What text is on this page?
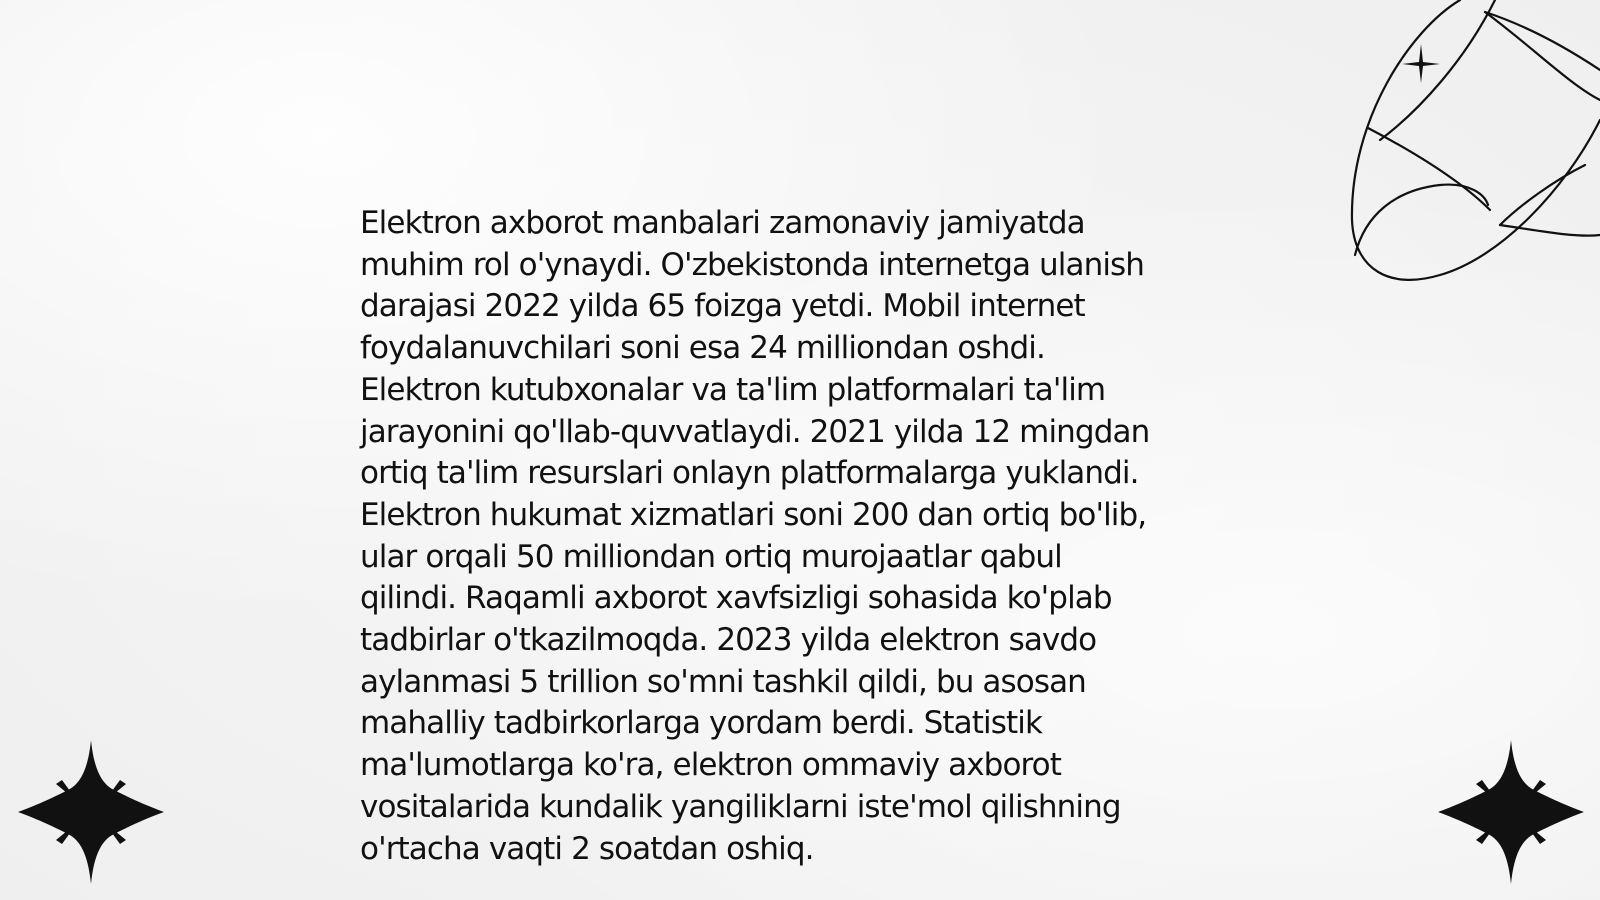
Elektron axborot manbalari zamonaviy jamiyatda
muhim rol o'ynaydi. O'zbekistonda internetga ulanish
darajasi 2022 yilda 65 foizga yetdi. Mobil internet
foydalanuvchilari soni esa 24 milliondan oshdi.
Elektron kutubxonalar va ta'lim platformalari ta'lim
jarayonini qo'llab-quvvatlaydi. 2021 yilda 12 mingdan
ortiq ta'lim resurslari onlayn platformalarga yuklandi.
Elektron hukumat xizmatlari soni 200 dan ortiq bo'lib,
ular orqali 50 milliondan ortiq murojaatlar qabul
qilindi. Raqamli axborot xavfsizligi sohasida ko'plab
tadbirlar o'tkazilmoqda. 2023 yilda elektron savdo
aylanmasi 5 trillion so'mni tashkil qildi, bu asosan
mahalliy tadbirkorlarga yordam berdi. Statistik
ma'lumotlarga ko'ra, elektron ommaviy axborot
vositalarida kundalik yangiliklarni iste'mol qilishning
o'rtacha vaqti 2 soatdan oshiq.
